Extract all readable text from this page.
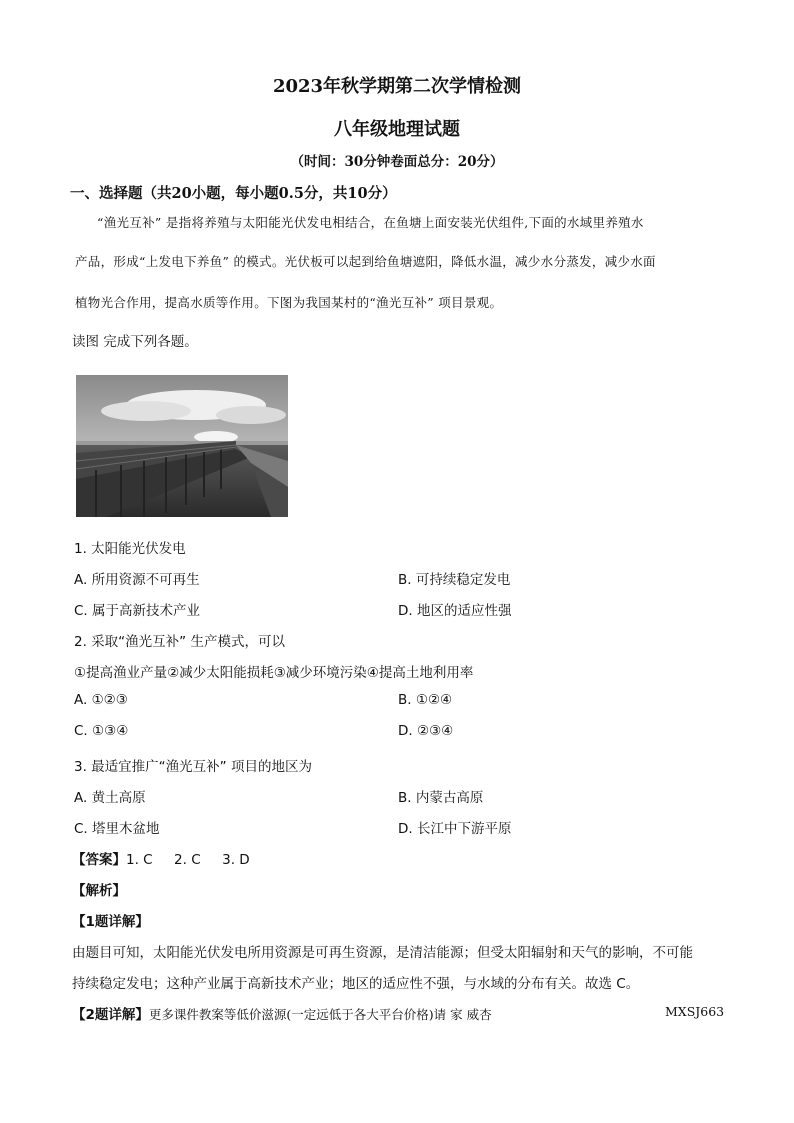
2023年秋学期第二次学情检测
八年级地理试题
（时间：30分钟卷面总分：20分）
一、选择题（共20小题，每小题0.5分，共10分）
“渔光互补” 是指将养殖与太阳能光伏发电相结合，在鱼塘上面安装光伏组件,下面的水域里养殖水
产品，形成“上发电下养鱼” 的模式。光伏板可以起到给鱼塘遮阳，降低水温，减少水分蒸发，减少水面
植物光合作用，提高水质等作用。下图为我国某村的“渔光互补” 项目景观。
读图 完成下列各题。
1. 太阳能光伏发电
A. 所用资源不可再生	B. 可持续稳定发电
C. 属于高新技术产业	D. 地区的适应性强
2. 采取“渔光互补” 生产模式，可以
①提高渔业产量②减少太阳能损耗③减少环境污染④提高土地利用率
A. ①②③	B. ①②④
C. ①③④	D. ②③④
3. 最适宜推广“渔光互补” 项目的地区为
A. 黄土高原	B. 内蒙古高原
C. 塔里木盆地	D. 长江中下游平原
【答案】1. C     2. C     3. D
【解析】
【1题详解】
由题目可知，太阳能光伏发电所用资源是可再生资源，是清洁能源；但受太阳辐射和天气的影响，不可能
持续稳定发电；这种产业属于高新技术产业；地区的适应性不强，与水域的分布有关。故选 C。
【2题详解】更多课件教案等低价滋源(一定远低于各大平台价格)请 家 威杏	MXSJ663
